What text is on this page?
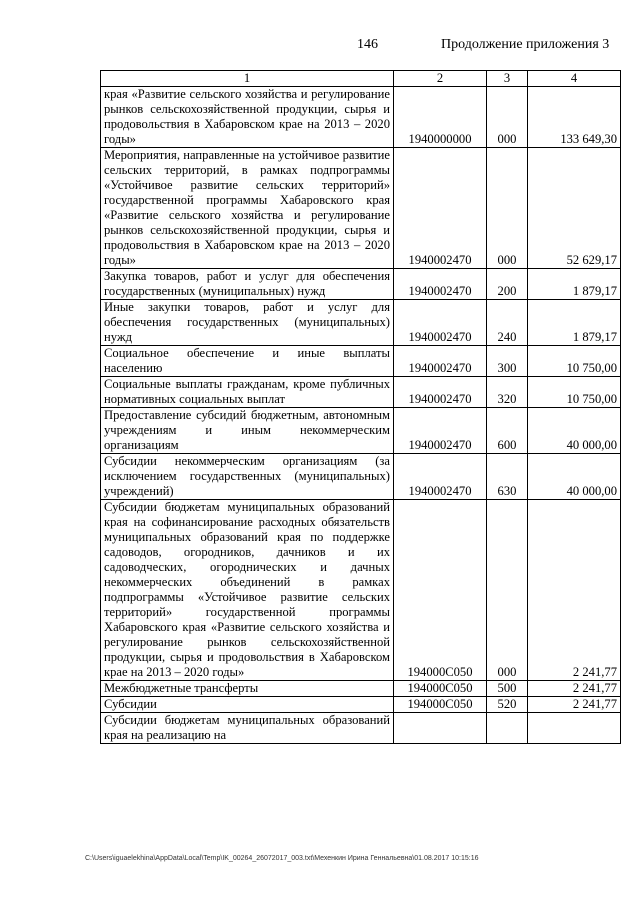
146	Продолжение приложения 3
1	2	3	4
края «Развитие сельского хозяйства и регулирование рынков сельскохозяйственной продукции, сырья и продовольствия в Хабаровском крае на 2013 – 2020 годы»	1940000000	000	133 649,30
Мероприятия, направленные на устойчивое развитие сельских территорий, в рамках подпрограммы «Устойчивое развитие сельских территорий» государственной программы Хабаровского края «Развитие сельского хозяйства и регулирование рынков сельскохозяйственной продукции, сырья и продовольствия в Хабаровском крае на 2013 – 2020 годы»	1940002470	000	52 629,17
Закупка товаров, работ и услуг для обеспечения государственных (муниципальных) нужд	1940002470	200	1 879,17
Иные закупки товаров, работ и услуг для обеспечения государственных (муниципальных) нужд	1940002470	240	1 879,17
Социальное обеспечение и иные выплаты населению	1940002470	300	10 750,00
Социальные выплаты гражданам, кроме публичных нормативных социальных выплат	1940002470	320	10 750,00
Предоставление субсидий бюджетным, автономным учреждениям и иным некоммерческим организациям	1940002470	600	40 000,00
Субсидии некоммерческим организациям (за исключением государственных (муниципальных) учреждений)	1940002470	630	40 000,00
Субсидии бюджетам муниципальных образований края на софинансирование расходных обязательств муниципальных образований края по поддержке садоводов, огородников, дачников и их садоводческих, огороднических и дачных некоммерческих объединений в рамках подпрограммы «Устойчивое развитие сельских территорий» государственной программы Хабаровского края «Развитие сельского хозяйства и регулирование рынков сельскохозяйственной продукции, сырья и продовольствия в Хабаровском крае на 2013 – 2020 годы»	194000С050	000	2 241,77
Межбюджетные трансферты	194000С050	500	2 241,77
Субсидии	194000С050	520	2 241,77
Субсидии бюджетам муниципальных образований края на реализацию на			
C:\Users\iguaelekhina\AppData\Local\Temp\IK_00264_26072017_003.txt\Мехенкин Ирина Геннальевна\01.08.2017 10:15:16
